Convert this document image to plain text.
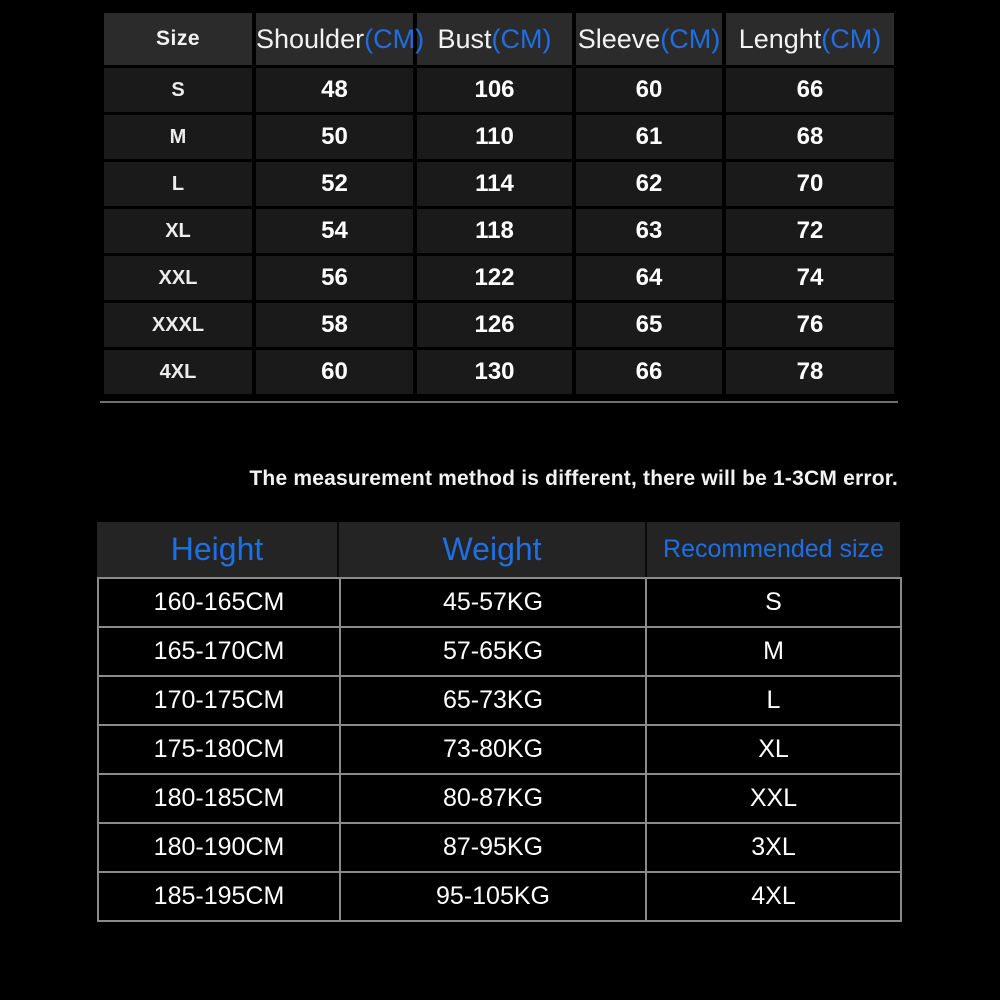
Size	Shoulder(CM)	Bust(CM)	Sleeve(CM)	Lenght(CM)
S	48	106	60	66
M	50	110	61	68
L	52	114	62	70
XL	54	118	63	72
XXL	56	122	64	74
XXXL	58	126	65	76
4XL	60	130	66	78
The measurement method is different, there will be 1-3CM error.
Height	Weight	Recommended size
160-165CM	45-57KG	S
165-170CM	57-65KG	M
170-175CM	65-73KG	L
175-180CM	73-80KG	XL
180-185CM	80-87KG	XXL
180-190CM	87-95KG	3XL
185-195CM	95-105KG	4XL
